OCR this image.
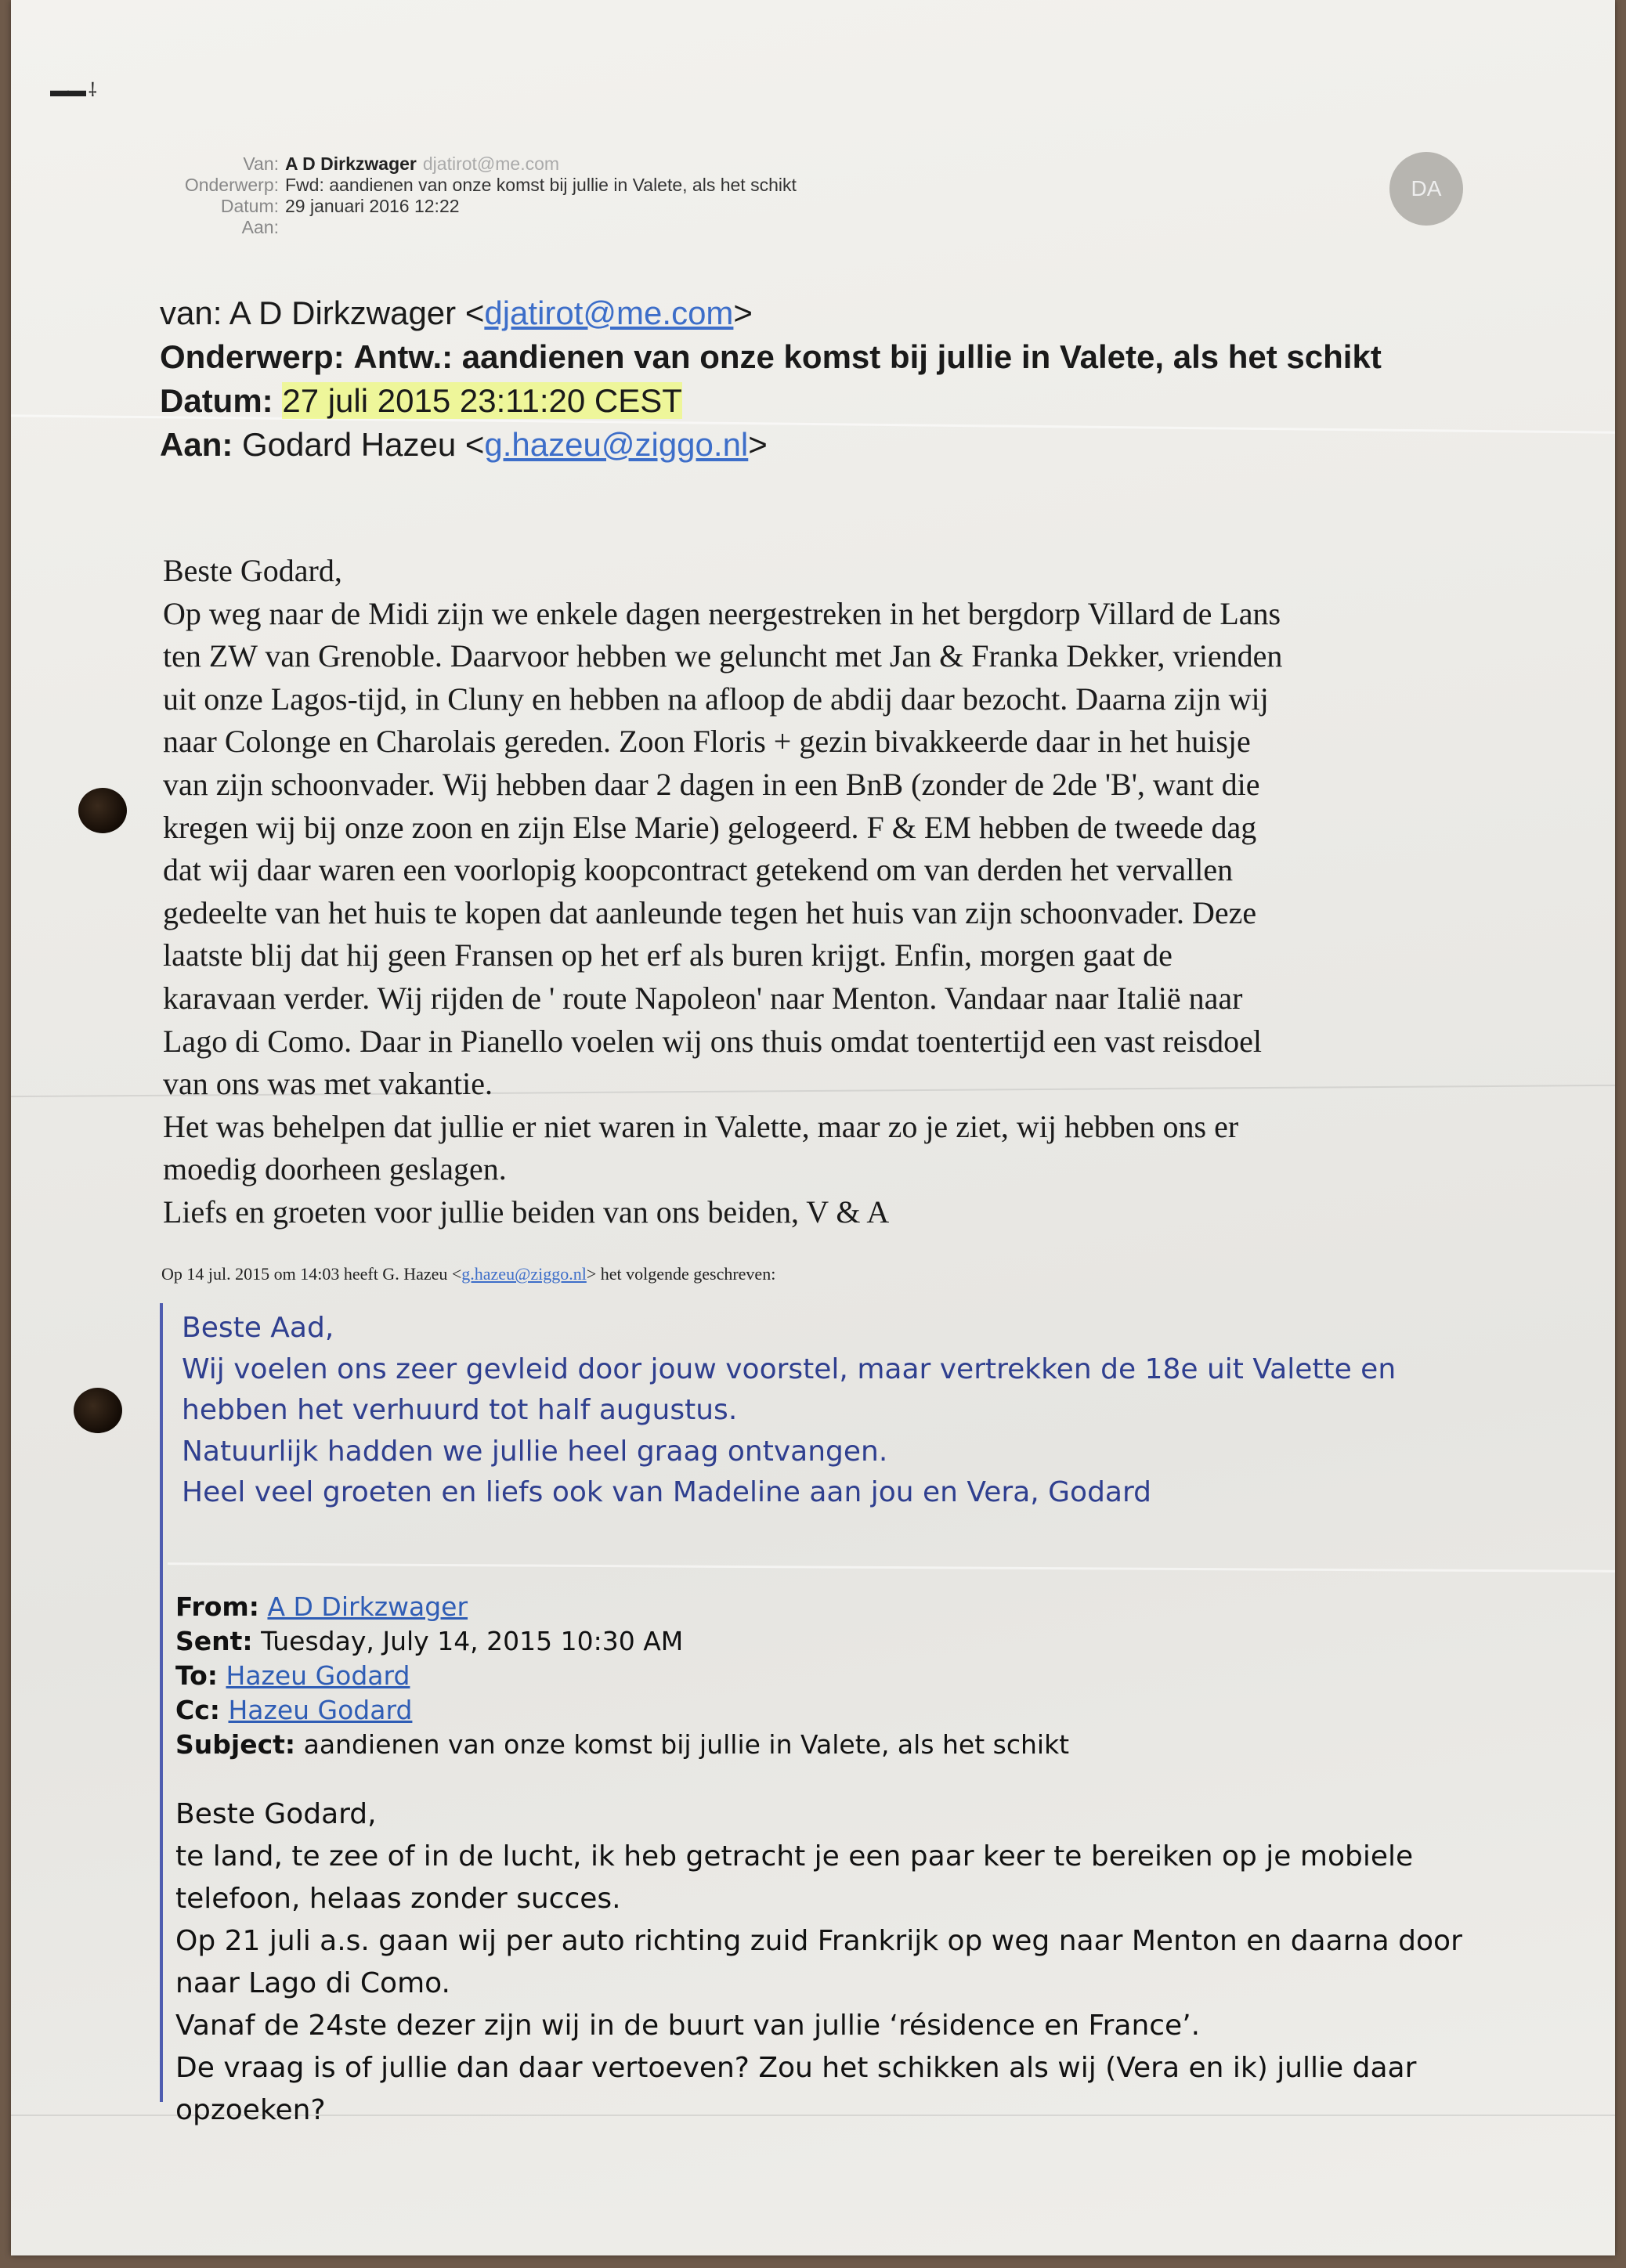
▬▬ ⸸
Van: A D Dirkzwager djatirot@me.com
Onderwerp: Fwd: aandienen van onze komst bij jullie in Valete, als het schikt
Datum: 29 januari 2016 12:22
Aan:
DA
van: A D Dirkzwager <djatirot@me.com>
Onderwerp: Antw.: aandienen van onze komst bij jullie in Valete, als het schikt
Datum: 27 juli 2015 23:11:20 CEST
Aan: Godard Hazeu <g.hazeu@ziggo.nl>

Beste Godard,

Op weg naar de Midi zijn we enkele dagen neergestreken in het bergdorp Villard de Lans

ten ZW van Grenoble. Daarvoor hebben we geluncht met Jan & Franka Dekker, vrienden

uit onze Lagos-tijd, in Cluny en hebben na afloop de abdij daar bezocht. Daarna zijn wij

naar Colonge en Charolais gereden. Zoon Floris + gezin bivakkeerde daar in het huisje

van zijn schoonvader. Wij hebben daar 2 dagen in een BnB (zonder de 2de 'B', want die

kregen wij bij onze zoon en zijn Else Marie) gelogeerd. F & EM hebben de tweede dag

dat wij daar waren een voorlopig koopcontract getekend om van derden het vervallen

gedeelte van het huis te kopen dat aanleunde tegen het huis van zijn schoonvader. Deze

laatste blij dat hij geen Fransen op het erf als buren krijgt. Enfin, morgen gaat de

karavaan verder. Wij rijden de ' route Napoleon' naar Menton. Vandaar naar Italië naar

Lago di Como. Daar in Pianello voelen wij ons thuis omdat toentertijd een vast reisdoel

van ons was met vakantie.

Het was behelpen dat jullie er niet waren in Valette, maar zo je ziet, wij hebben ons er

moedig doorheen geslagen.

Liefs en groeten voor jullie beiden van ons beiden, V & A

Op 14 jul. 2015 om 14:03 heeft G. Hazeu <g.hazeu@ziggo.nl> het volgende geschreven:

Beste Aad,

Wij voelen ons zeer gevleid door jouw voorstel, maar vertrekken de 18e uit Valette en

hebben het verhuurd tot half augustus.

Natuurlijk hadden we jullie heel graag ontvangen.

Heel veel groeten en liefs ook van Madeline aan jou en Vera, Godard

From: A D Dirkzwager
Sent: Tuesday, July 14, 2015 10:30 AM
To: Hazeu Godard
Cc: Hazeu Godard
Subject: aandienen van onze komst bij jullie in Valete, als het schikt

Beste Godard,

te land, te zee of in de lucht, ik heb getracht je een paar keer te bereiken op je mobiele

telefoon, helaas zonder succes.

Op 21 juli a.s. gaan wij per auto richting zuid Frankrijk op weg naar Menton en daarna door

naar Lago di Como.

Vanaf de 24ste dezer zijn wij in de buurt van jullie ‘résidence en France’.

De vraag is of jullie dan daar vertoeven? Zou het schikken als wij (Vera en ik) jullie daar

opzoeken?
